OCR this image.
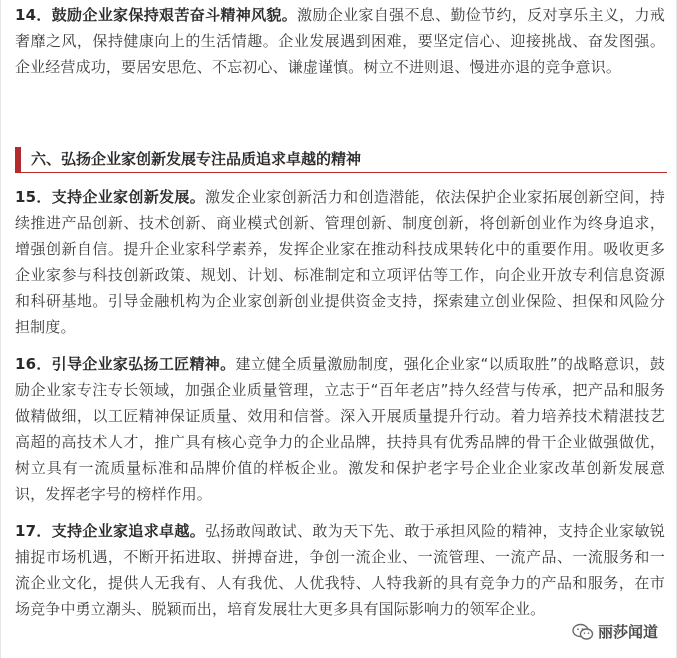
14．鼓励企业家保持艰苦奋斗精神风貌。激励企业家自强不息、勤俭节约，反对享乐主义，力戒奢靡之风，保持健康向上的生活情趣。企业发展遇到困难，要坚定信心、迎接挑战、奋发图强。企业经营成功，要居安思危、不忘初心、谦虚谨慎。树立不进则退、慢进亦退的竞争意识。

六、弘扬企业家创新发展专注品质追求卓越的精神

15．支持企业家创新发展。激发企业家创新活力和创造潜能，依法保护企业家拓展创新空间，持续推进产品创新、技术创新、商业模式创新、管理创新、制度创新，将创新创业作为终身追求，增强创新自信。提升企业家科学素养，发挥企业家在推动科技成果转化中的重要作用。吸收更多企业家参与科技创新政策、规划、计划、标准制定和立项评估等工作，向企业开放专利信息资源和科研基地。引导金融机构为企业家创新创业提供资金支持，探索建立创业保险、担保和风险分担制度。

16．引导企业家弘扬工匠精神。建立健全质量激励制度，强化企业家“以质取胜”的战略意识，鼓励企业家专注专长领域，加强企业质量管理，立志于“百年老店”持久经营与传承，把产品和服务做精做细，以工匠精神保证质量、效用和信誉。深入开展质量提升行动。着力培养技术精湛技艺高超的高技术人才，推广具有核心竞争力的企业品牌，扶持具有优秀品牌的骨干企业做强做优，树立具有一流质量标准和品牌价值的样板企业。激发和保护老字号企业企业家改革创新发展意识，发挥老字号的榜样作用。

17．支持企业家追求卓越。弘扬敢闯敢试、敢为天下先、敢于承担风险的精神，支持企业家敏锐捕捉市场机遇，不断开拓进取、拼搏奋进，争创一流企业、一流管理、一流产品、一流服务和一流企业文化，提供人无我有、人有我优、人优我特、人特我新的具有竞争力的产品和服务，在市场竞争中勇立潮头、脱颖而出，培育发展壮大更多具有国际影响力的领军企业。

丽莎闻道
